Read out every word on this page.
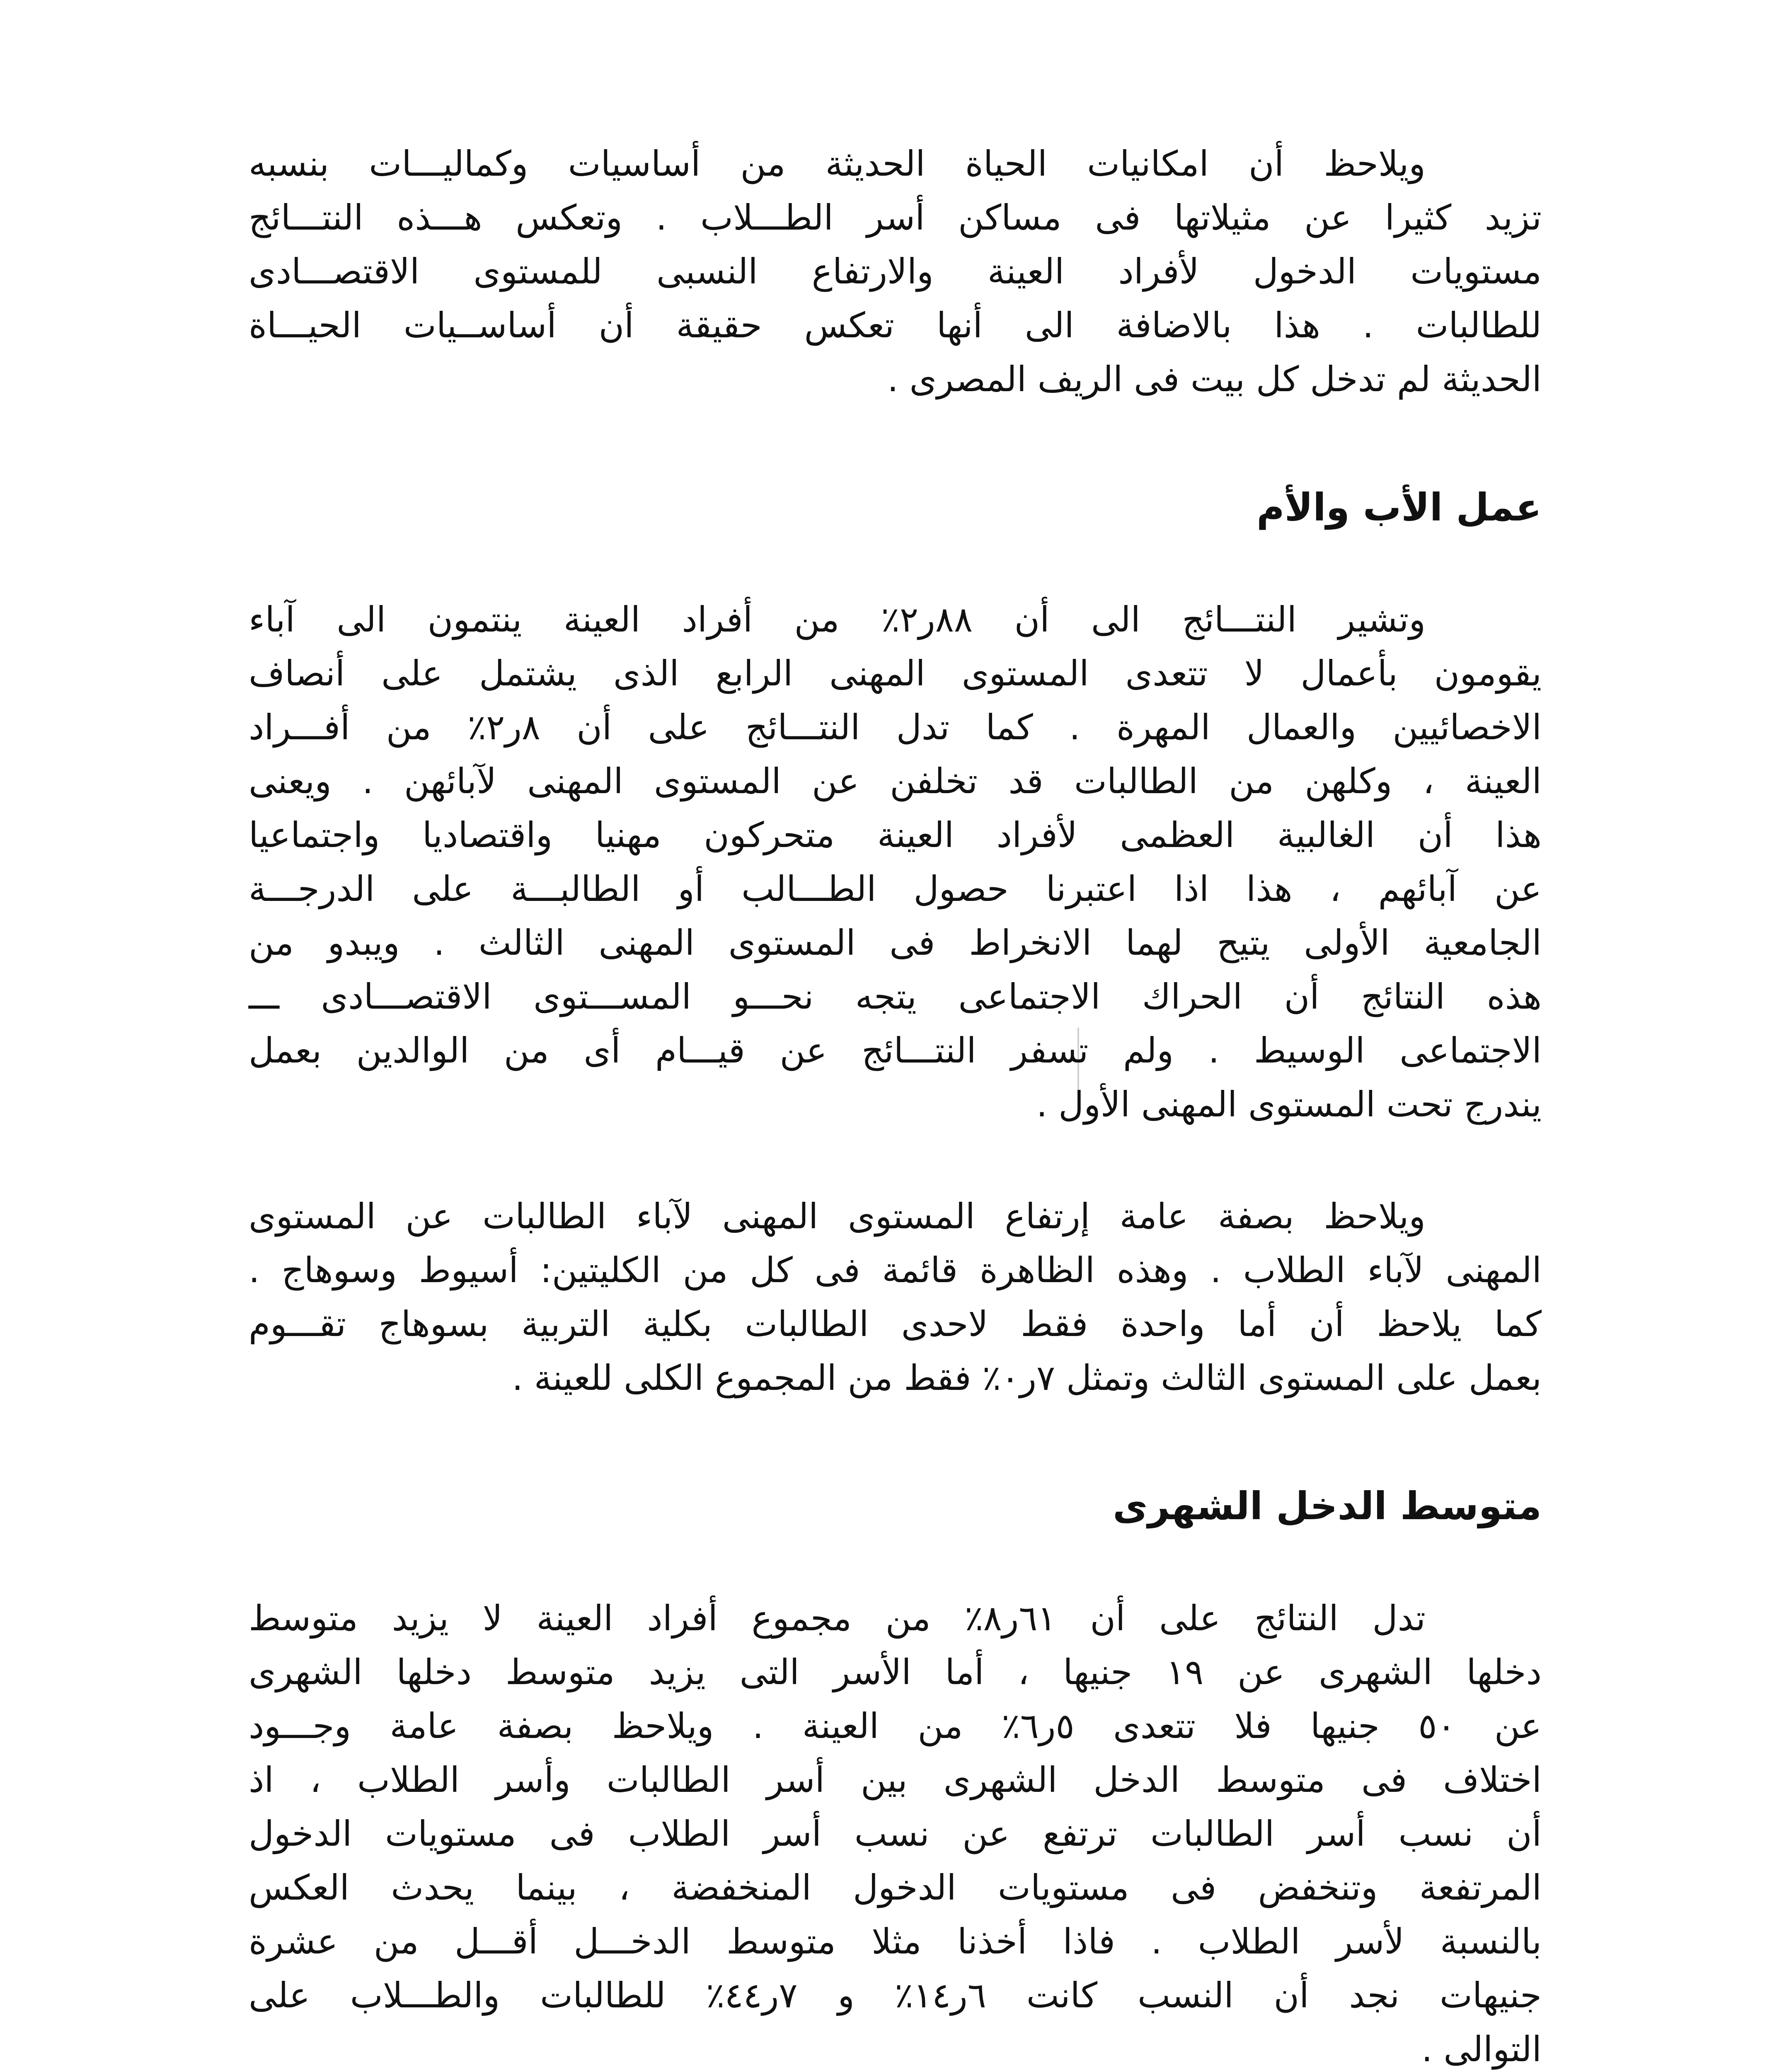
ويلاحظ أن امكانيات الحياة الحديثة من أساسيات وكماليـــات بنسبه
تزيد كثيرا عن مثيلاتها فى مساكن أسر الطـــلاب . وتعكس هـــذه النتـــائج
مستويات الدخول لأفراد العينة والارتفاع النسبى للمستوى الاقتصـــادى
للطالبات . هذا بالاضافة الى أنها تعكس حقيقة أن أساســيات الحيـــاة
الحديثة لم تدخل كل بيت فى الريف المصرى .
عمل الأب والأم
وتشير النتـــائج الى أن ٨٨ر٢٪ من أفراد العينة ينتمون الى آباء
يقومون بأعمال لا تتعدى المستوى المهنى الرابع الذى يشتمل على أنصاف
الاخصائيين والعمال المهرة . كما تدل النتـــائج على أن ٨ر٢٪ من أفـــراد
العينة ، وكلهن من الطالبات قد تخلفن عن المستوى المهنى لآبائهن . ويعنى
هذا أن الغالبية العظمى لأفراد العينة متحركون مهنيا واقتصاديا واجتماعيا
عن آبائهم ، هذا اذا اعتبرنا حصول الطـــالب أو الطالبـــة على الدرجـــة
الجامعية الأولى يتيح لهما الانخراط فى المستوى المهنى الثالث . ويبدو من
هذه النتائج أن الحراك الاجتماعى يتجه نحـــو المســـتوى الاقتصـــادى ـــ
الاجتماعى الوسيط . ولم تسفر النتـــائج عن قيـــام أى من الوالدين بعمل
يندرج تحت المستوى المهنى الأول .
ويلاحظ بصفة عامة إرتفاع المستوى المهنى لآباء الطالبات عن المستوى
المهنى لآباء الطلاب . وهذه الظاهرة قائمة فى كل من الكليتين: أسيوط وسوهاج .
كما يلاحظ أن أما واحدة فقط لاحدى الطالبات بكلية التربية بسوهاج تقـــوم
بعمل على المستوى الثالث وتمثل ٧ر٠٪ فقط من المجموع الكلى للعينة .
متوسط الدخل الشهرى
تدل النتائج على أن ٦١ر٨٪ من مجموع أفراد العينة لا يزيد متوسط
دخلها الشهرى عن ١٩ جنيها ، أما الأسر التى يزيد متوسط دخلها الشهرى
عن ٥٠ جنيها فلا تتعدى ٥ر٦٪ من العينة . ويلاحظ بصفة عامة وجـــود
اختلاف فى متوسط الدخل الشهرى بين أسر الطالبات وأسر الطلاب ، اذ
أن نسب أسر الطالبات ترتفع عن نسب أسر الطلاب فى مستويات الدخول
المرتفعة وتنخفض فى مستويات الدخول المنخفضة ، بينما يحدث العكس
بالنسبة لأسر الطلاب . فاذا أخذنا مثلا متوسط الدخـــل أقـــل من عشرة
جنيهات نجد أن النسب كانت ٦ر١٤٪ و ٧ر٤٤٪ للطالبات والطـــلاب على
التوالى .
